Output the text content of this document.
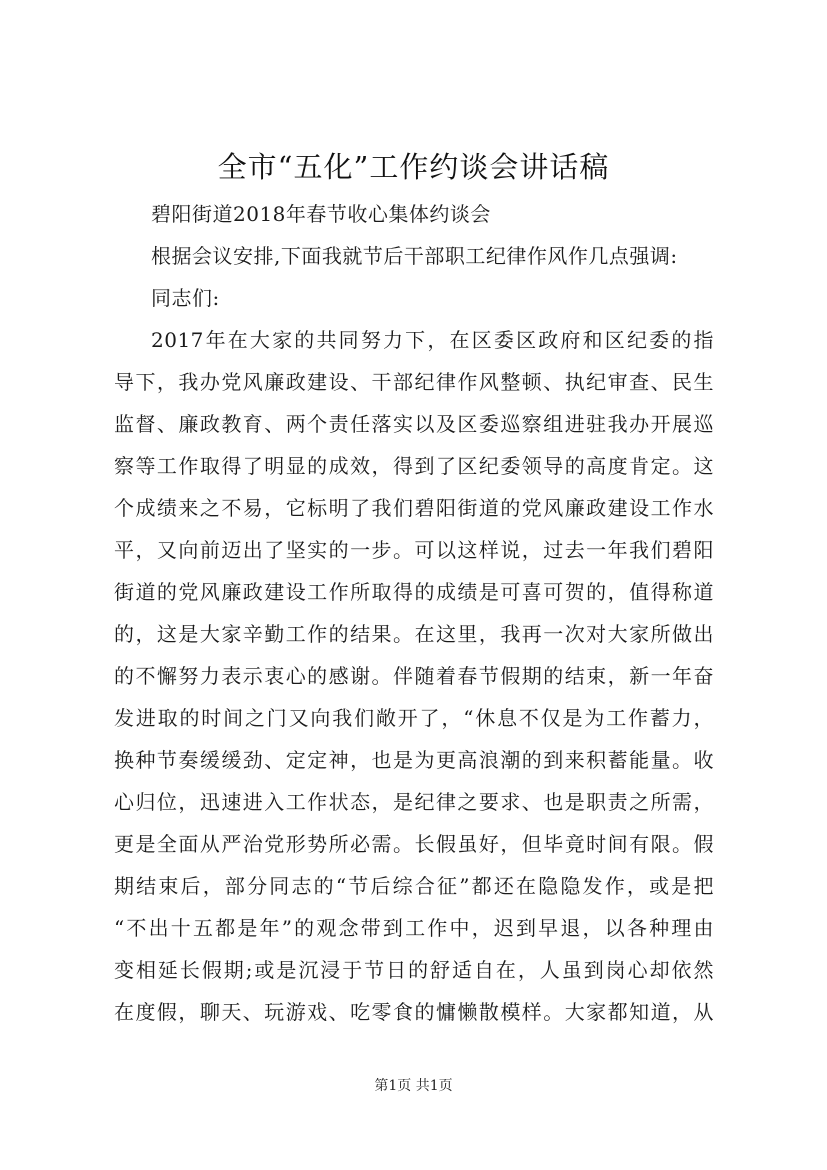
全市“五化”工作约谈会讲话稿
碧阳街道2018年春节收心集体约谈会
根据会议安排,下面我就节后干部职工纪律作风作几点强调:
同志们:
2017年在大家的共同努力下，在区委区政府和区纪委的指
导下，我办党风廉政建设、干部纪律作风整顿、执纪审查、民生
监督、廉政教育、两个责任落实以及区委巡察组进驻我办开展巡
察等工作取得了明显的成效，得到了区纪委领导的高度肯定。这
个成绩来之不易，它标明了我们碧阳街道的党风廉政建设工作水
平，又向前迈出了坚实的一步。可以这样说，过去一年我们碧阳
街道的党风廉政建设工作所取得的成绩是可喜可贺的，值得称道
的，这是大家辛勤工作的结果。在这里，我再一次对大家所做出
的不懈努力表示衷心的感谢。伴随着春节假期的结束，新一年奋
发进取的时间之门又向我们敞开了，“休息不仅是为工作蓄力，
换种节奏缓缓劲、定定神，也是为更高浪潮的到来积蓄能量。收
心归位，迅速进入工作状态，是纪律之要求、也是职责之所需，
更是全面从严治党形势所必需。长假虽好，但毕竟时间有限。假
期结束后，部分同志的“节后综合征”都还在隐隐发作，或是把
“不出十五都是年”的观念带到工作中，迟到早退，以各种理由
变相延长假期;或是沉浸于节日的舒适自在，人虽到岗心却依然
在度假，聊天、玩游戏、吃零食的慵懒散模样。大家都知道，从
第1页 共1页
